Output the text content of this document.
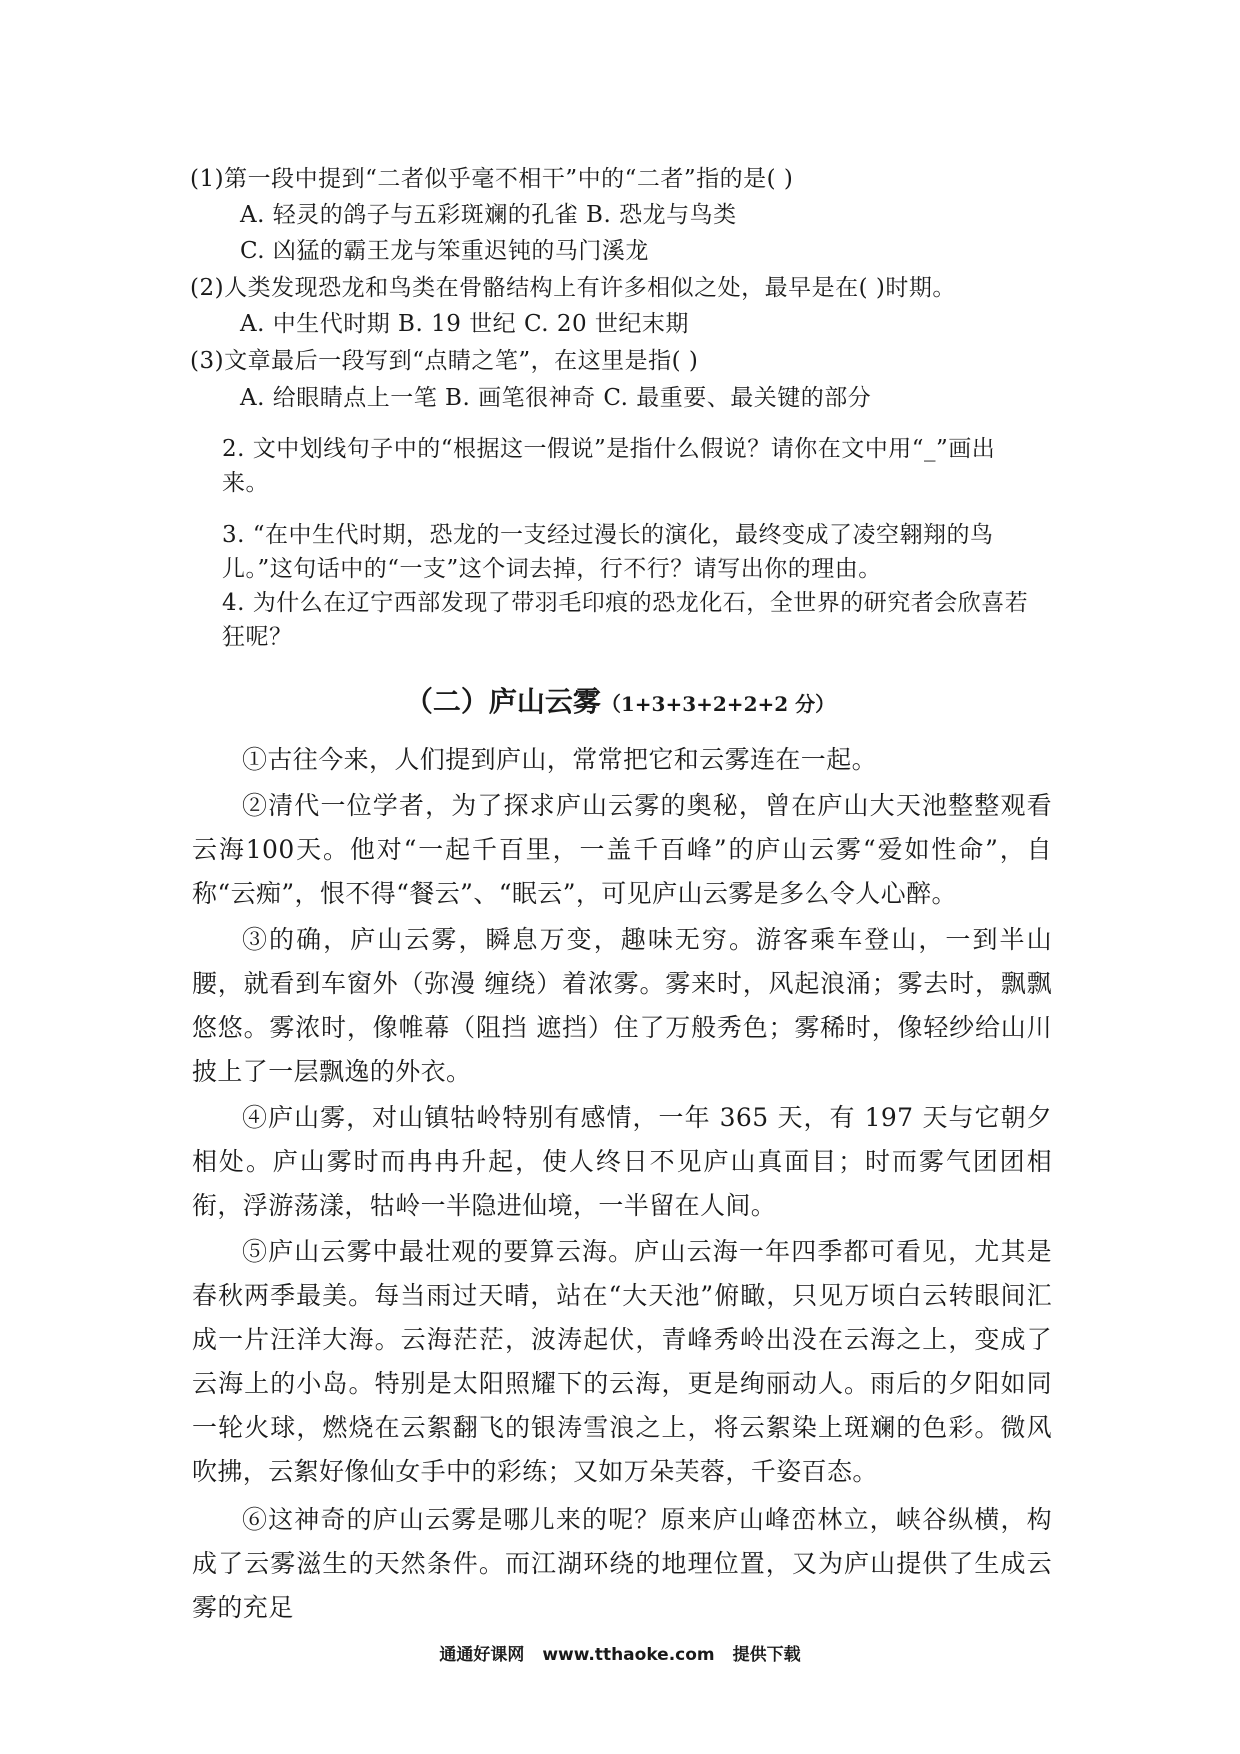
(1)第一段中提到“二者似乎毫不相干”中的“二者”指的是( )
A. 轻灵的鸽子与五彩斑斓的孔雀 B. 恐龙与鸟类
C. 凶猛的霸王龙与笨重迟钝的马门溪龙
(2)人类发现恐龙和鸟类在骨骼结构上有许多相似之处，最早是在( )时期。
A. 中生代时期 B. 19 世纪 C. 20 世纪末期
(3)文章最后一段写到“点睛之笔”，在这里是指( )
A. 给眼睛点上一笔 B. 画笔很神奇 C. 最重要、最关键的部分
2. 文中划线句子中的“根据这一假说”是指什么假说？请你在文中用“_”画出来。
3. “在中生代时期，恐龙的一支经过漫长的演化，最终变成了凌空翱翔的鸟儿。”这句话中的“一支”这个词去掉，行不行？请写出你的理由。
4. 为什么在辽宁西部发现了带羽毛印痕的恐龙化石，全世界的研究者会欣喜若狂呢？
（二）庐山云雾（1+3+3+2+2+2 分）
①古往今来，人们提到庐山，常常把它和云雾连在一起。
②清代一位学者，为了探求庐山云雾的奥秘，曾在庐山大天池整整观看云海100天。他对“一起千百里，一盖千百峰”的庐山云雾“爱如性命”，自称“云痴”，恨不得“餐云”、“眠云”，可见庐山云雾是多么令人心醉。
③的确，庐山云雾，瞬息万变，趣味无穷。游客乘车登山，一到半山腰，就看到车窗外（弥漫 缠绕）着浓雾。雾来时，风起浪涌；雾去时，飘飘悠悠。雾浓时，像帷幕（阻挡 遮挡）住了万般秀色；雾稀时，像轻纱给山川披上了一层飘逸的外衣。
④庐山雾，对山镇牯岭特别有感情，一年 365 天，有 197 天与它朝夕相处。庐山雾时而冉冉升起，使人终日不见庐山真面目；时而雾气团团相衔，浮游荡漾，牯岭一半隐进仙境，一半留在人间。
⑤庐山云雾中最壮观的要算云海。庐山云海一年四季都可看见，尤其是春秋两季最美。每当雨过天晴，站在“大天池”俯瞰，只见万顷白云转眼间汇成一片汪洋大海。云海茫茫，波涛起伏，青峰秀岭出没在云海之上，变成了云海上的小岛。特别是太阳照耀下的云海，更是绚丽动人。雨后的夕阳如同一轮火球，燃烧在云絮翻飞的银涛雪浪之上，将云絮染上斑斓的色彩。微风吹拂，云絮好像仙女手中的彩练；又如万朵芙蓉，千姿百态。
⑥这神奇的庐山云雾是哪儿来的呢？原来庐山峰峦林立，峡谷纵横，构成了云雾滋生的天然条件。而江湖环绕的地理位置，又为庐山提供了生成云雾的充足
通通好课网 www.tthaoke.com 提供下载
